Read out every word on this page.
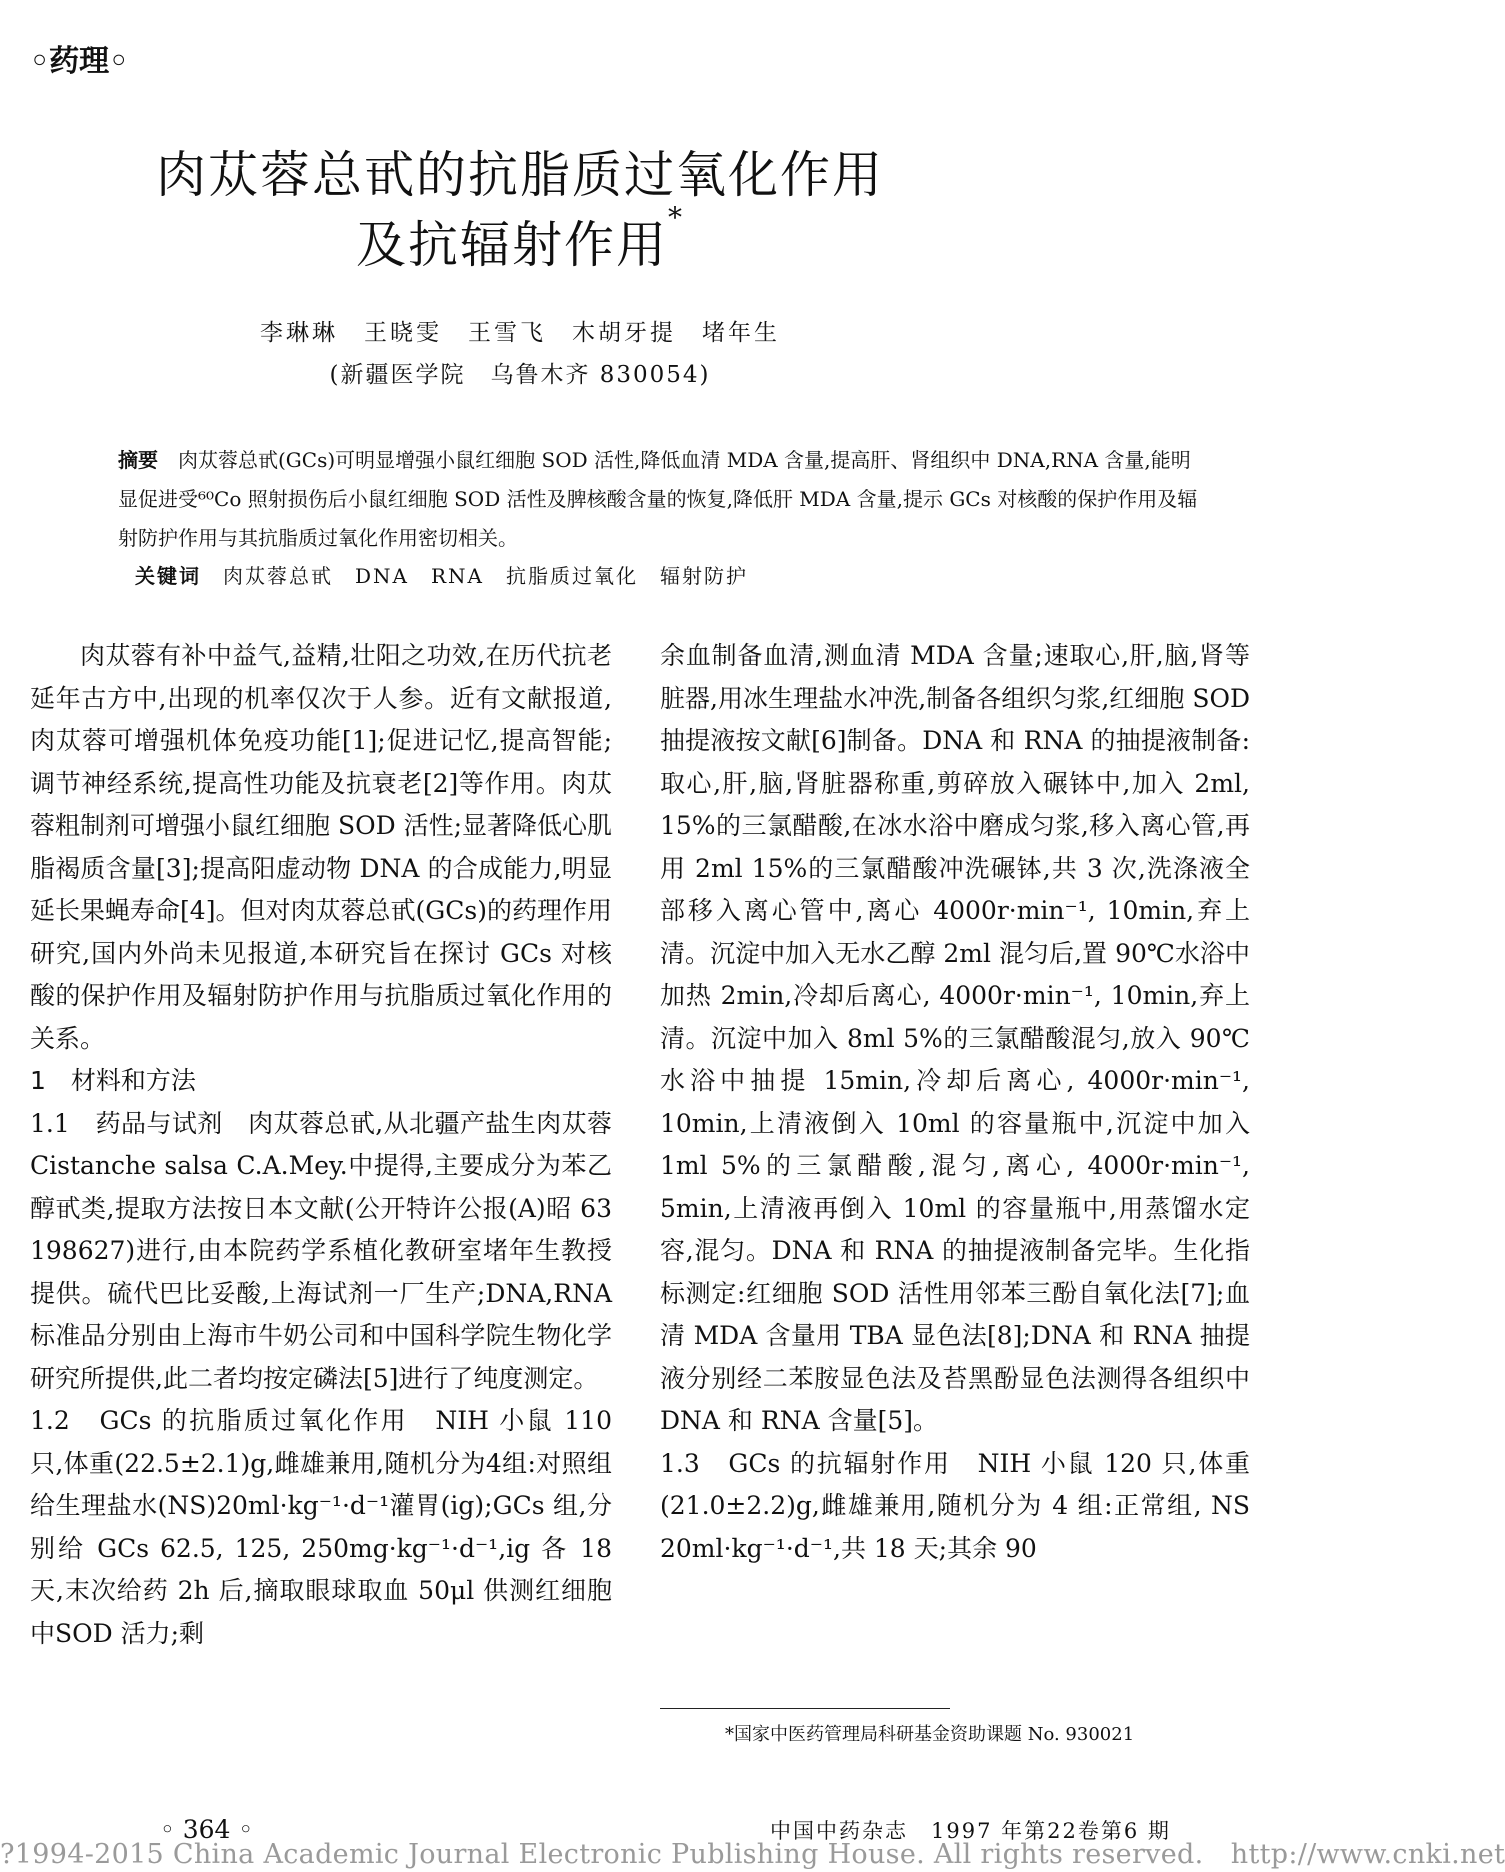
◦药理◦
肉苁蓉总甙的抗脂质过氧化作用
及抗辐射作用*
李琳琳　王晓雯　王雪飞　木胡牙提　堵年生
(新疆医学院　乌鲁木齐 830054)
摘要　 肉苁蓉总甙(GCs)可明显增强小鼠红细胞 SOD 活性,降低血清 MDA 含量,提高肝、肾组织中 DNA,RNA 含量,能明显促进受⁶⁰Co 照射损伤后小鼠红细胞 SOD 活性及脾核酸含量的恢复,降低肝 MDA 含量,提示 GCs 对核酸的保护作用及辐射防护作用与其抗脂质过氧化作用密切相关。
关键词　 肉苁蓉总甙　DNA　RNA　抗脂质过氧化　辐射防护

肉苁蓉有补中益气,益精,壮阳之功效,在历代抗老延年古方中,出现的机率仅次于人参。近有文献报道,肉苁蓉可增强机体免疫功能[1];促进记忆,提高智能;调节神经系统,提高性功能及抗衰老[2]等作用。肉苁蓉粗制剂可增强小鼠红细胞 SOD 活性;显著降低心肌脂褐质含量[3];提高阳虚动物 DNA 的合成能力,明显延长果蝇寿命[4]。但对肉苁蓉总甙(GCs)的药理作用研究,国内外尚未见报道,本研究旨在探讨 GCs 对核酸的保护作用及辐射防护作用与抗脂质过氧化作用的关系。

1　材料和方法

1.1　药品与试剂　肉苁蓉总甙,从北疆产盐生肉苁蓉 Cistanche salsa C.A.Mey.中提得,主要成分为苯乙醇甙类,提取方法按日本文献(公开特许公报(A)昭 63 198627)进行,由本院药学系植化教研室堵年生教授提供。硫代巴比妥酸,上海试剂一厂生产;DNA,RNA 标准品分别由上海市牛奶公司和中国科学院生物化学研究所提供,此二者均按定磷法[5]进行了纯度测定。

1.2　GCs 的抗脂质过氧化作用　NIH 小鼠 110 只,体重(22.5±2.1)g,雌雄兼用,随机分为4组:对照组给生理盐水(NS)20ml·kg⁻¹·d⁻¹灌胃(ig);GCs 组,分别给 GCs 62.5, 125, 250mg·kg⁻¹·d⁻¹,ig 各 18 天,末次给药 2h 后,摘取眼球取血 50μl 供测红细胞中SOD 活力;剩

余血制备血清,测血清 MDA 含量;速取心,肝,脑,肾等脏器,用冰生理盐水冲洗,制备各组织匀浆,红细胞 SOD 抽提液按文献[6]制备。DNA 和 RNA 的抽提液制备:取心,肝,脑,肾脏器称重,剪碎放入碾钵中,加入 2ml, 15%的三氯醋酸,在冰水浴中磨成匀浆,移入离心管,再用 2ml 15%的三氯醋酸冲洗碾钵,共 3 次,洗涤液全部移入离心管中,离心 4000r·min⁻¹, 10min,弃上清。沉淀中加入无水乙醇 2ml 混匀后,置 90℃水浴中加热 2min,冷却后离心, 4000r·min⁻¹, 10min,弃上清。沉淀中加入 8ml 5%的三氯醋酸混匀,放入 90℃水浴中抽提 15min,冷却后离心, 4000r·min⁻¹, 10min,上清液倒入 10ml 的容量瓶中,沉淀中加入 1ml 5%的三氯醋酸,混匀,离心, 4000r·min⁻¹, 5min,上清液再倒入 10ml 的容量瓶中,用蒸馏水定容,混匀。DNA 和 RNA 的抽提液制备完毕。生化指标测定:红细胞 SOD 活性用邻苯三酚自氧化法[7];血清 MDA 含量用 TBA 显色法[8];DNA 和 RNA 抽提液分别经二苯胺显色法及苔黑酚显色法测得各组织中 DNA 和 RNA 含量[5]。

1.3　GCs 的抗辐射作用　NIH 小鼠 120 只,体重(21.0±2.2)g,雌雄兼用,随机分为 4 组:正常组, NS　20ml·kg⁻¹·d⁻¹,共 18 天;其余 90

*国家中医药管理局科研基金资助课题 No. 930021
◦ 364 ◦	中国中药杂志　1997 年第22卷第6 期
?1994-2015 China Academic Journal Electronic Publishing House. All rights reserved.　http://www.cnki.net
